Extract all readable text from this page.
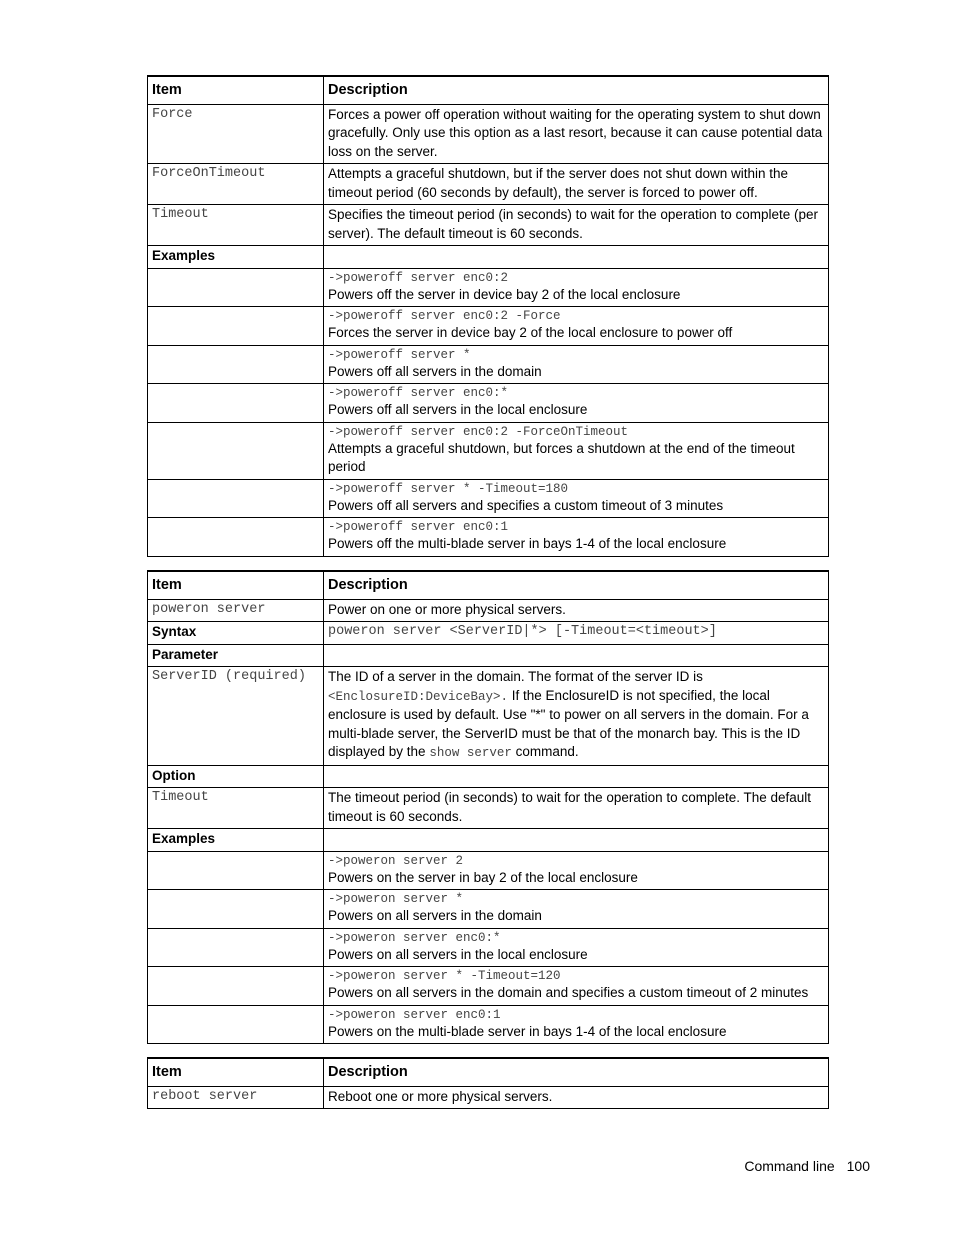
Item	Description
Force	Forces a power off operation without waiting for the operating system to shut down gracefully. Only use this option as a last resort, because it can cause potential data loss on the server.
ForceOnTimeout	Attempts a graceful shutdown, but if the server does not shut down within the timeout period (60 seconds by default), the server is forced to power off.
Timeout	Specifies the timeout period (in seconds) to wait for the operation to complete (per server). The default timeout is 60 seconds.
Examples	

	->poweroff server enc0:2
Powers off the server in device bay 2 of the local enclosure

	->poweroff server enc0:2 -Force
Forces the server in device bay 2 of the local enclosure to power off

	->poweroff server *
Powers off all servers in the domain

	->poweroff server enc0:*
Powers off all servers in the local enclosure

	->poweroff server enc0:2 -ForceOnTimeout
Attempts a graceful shutdown, but forces a shutdown at the end of the timeout period

	->poweroff server * -Timeout=180
Powers off all servers and specifies a custom timeout of 3 minutes

	->poweroff server enc0:1
Powers off the multi-blade server in bays 1-4 of the local enclosure
Item	Description
poweron server	Power on one or more physical servers.
Syntax	poweron server <ServerID|*> [-Timeout=<timeout>]
Parameter	
ServerID (required)	The ID of a server in the domain. The format of the server ID is
<EnclosureID:DeviceBay>. If the EnclosureID is not specified, the local enclosure is used by default. Use "*" to power on all servers in the domain. For a multi-blade server, the ServerID must be that of the monarch bay. This is the ID displayed by the show server command.
Option	
Timeout	The timeout period (in seconds) to wait for the operation to complete. The default timeout is 60 seconds.
Examples	

	->poweron server 2
Powers on the server in bay 2 of the local enclosure

	->poweron server *
Powers on all servers in the domain

	->poweron server enc0:*
Powers on all servers in the local enclosure

	->poweron server * -Timeout=120
Powers on all servers in the domain and specifies a custom timeout of 2 minutes

	->poweron server enc0:1
Powers on the multi-blade server in bays 1-4 of the local enclosure
Item	Description
reboot server	Reboot one or more physical servers.
Command line 100
